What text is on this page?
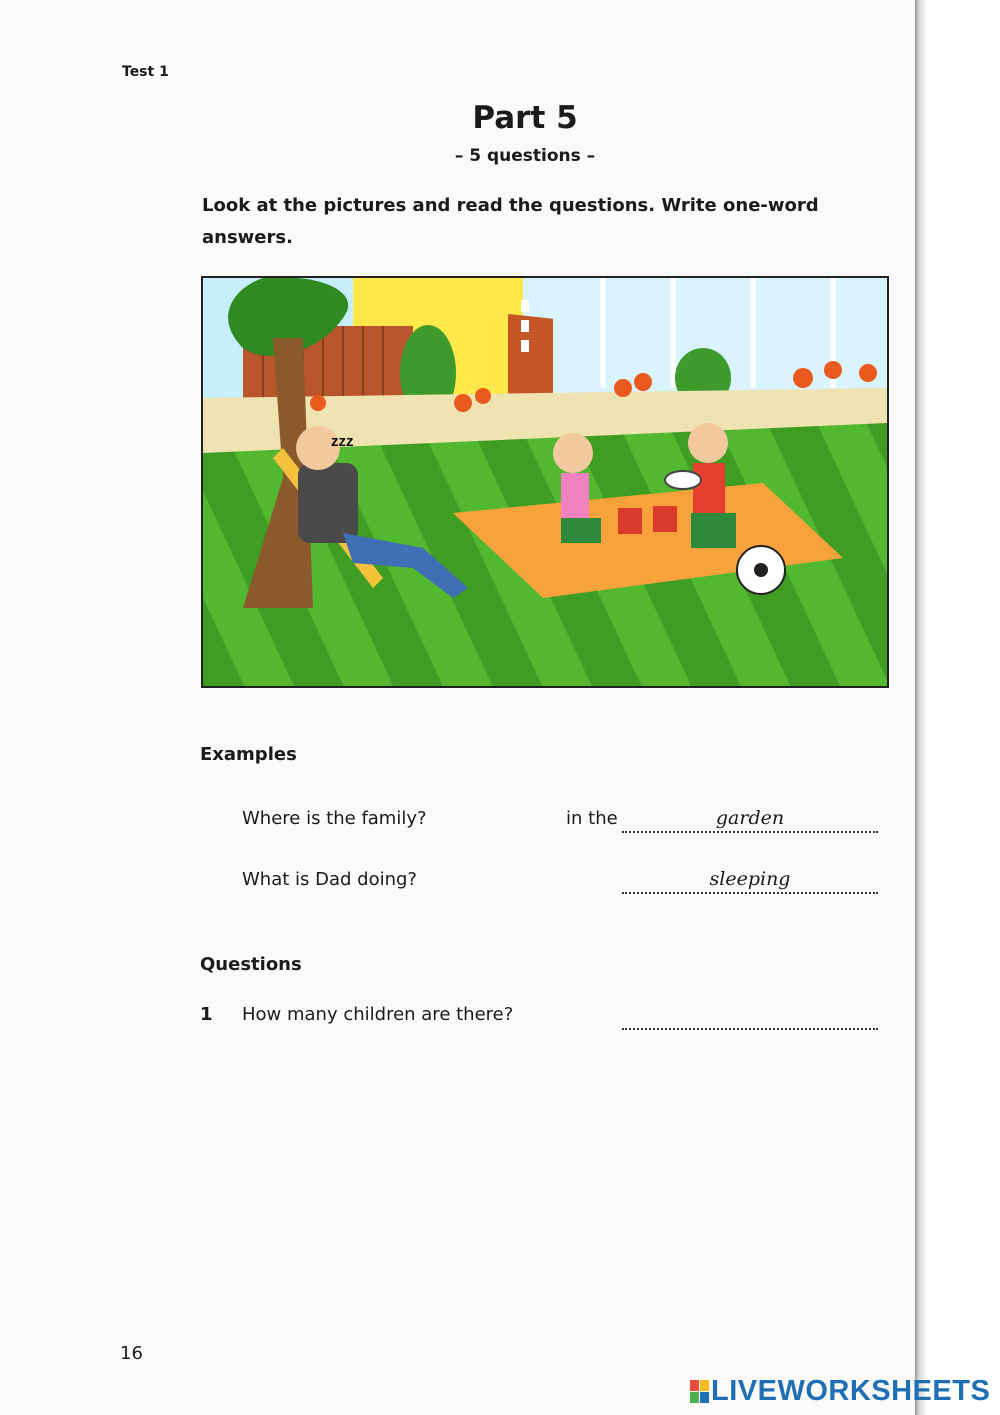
Test 1
Part 5
– 5 questions –
Look at the pictures and read the questions. Write one-word answers.
zzz
Examples
Where is the family?	in the	garden
What is Dad doing?	sleeping
Questions
1 How many children are there?
16
LIVEWORKSHEETS
